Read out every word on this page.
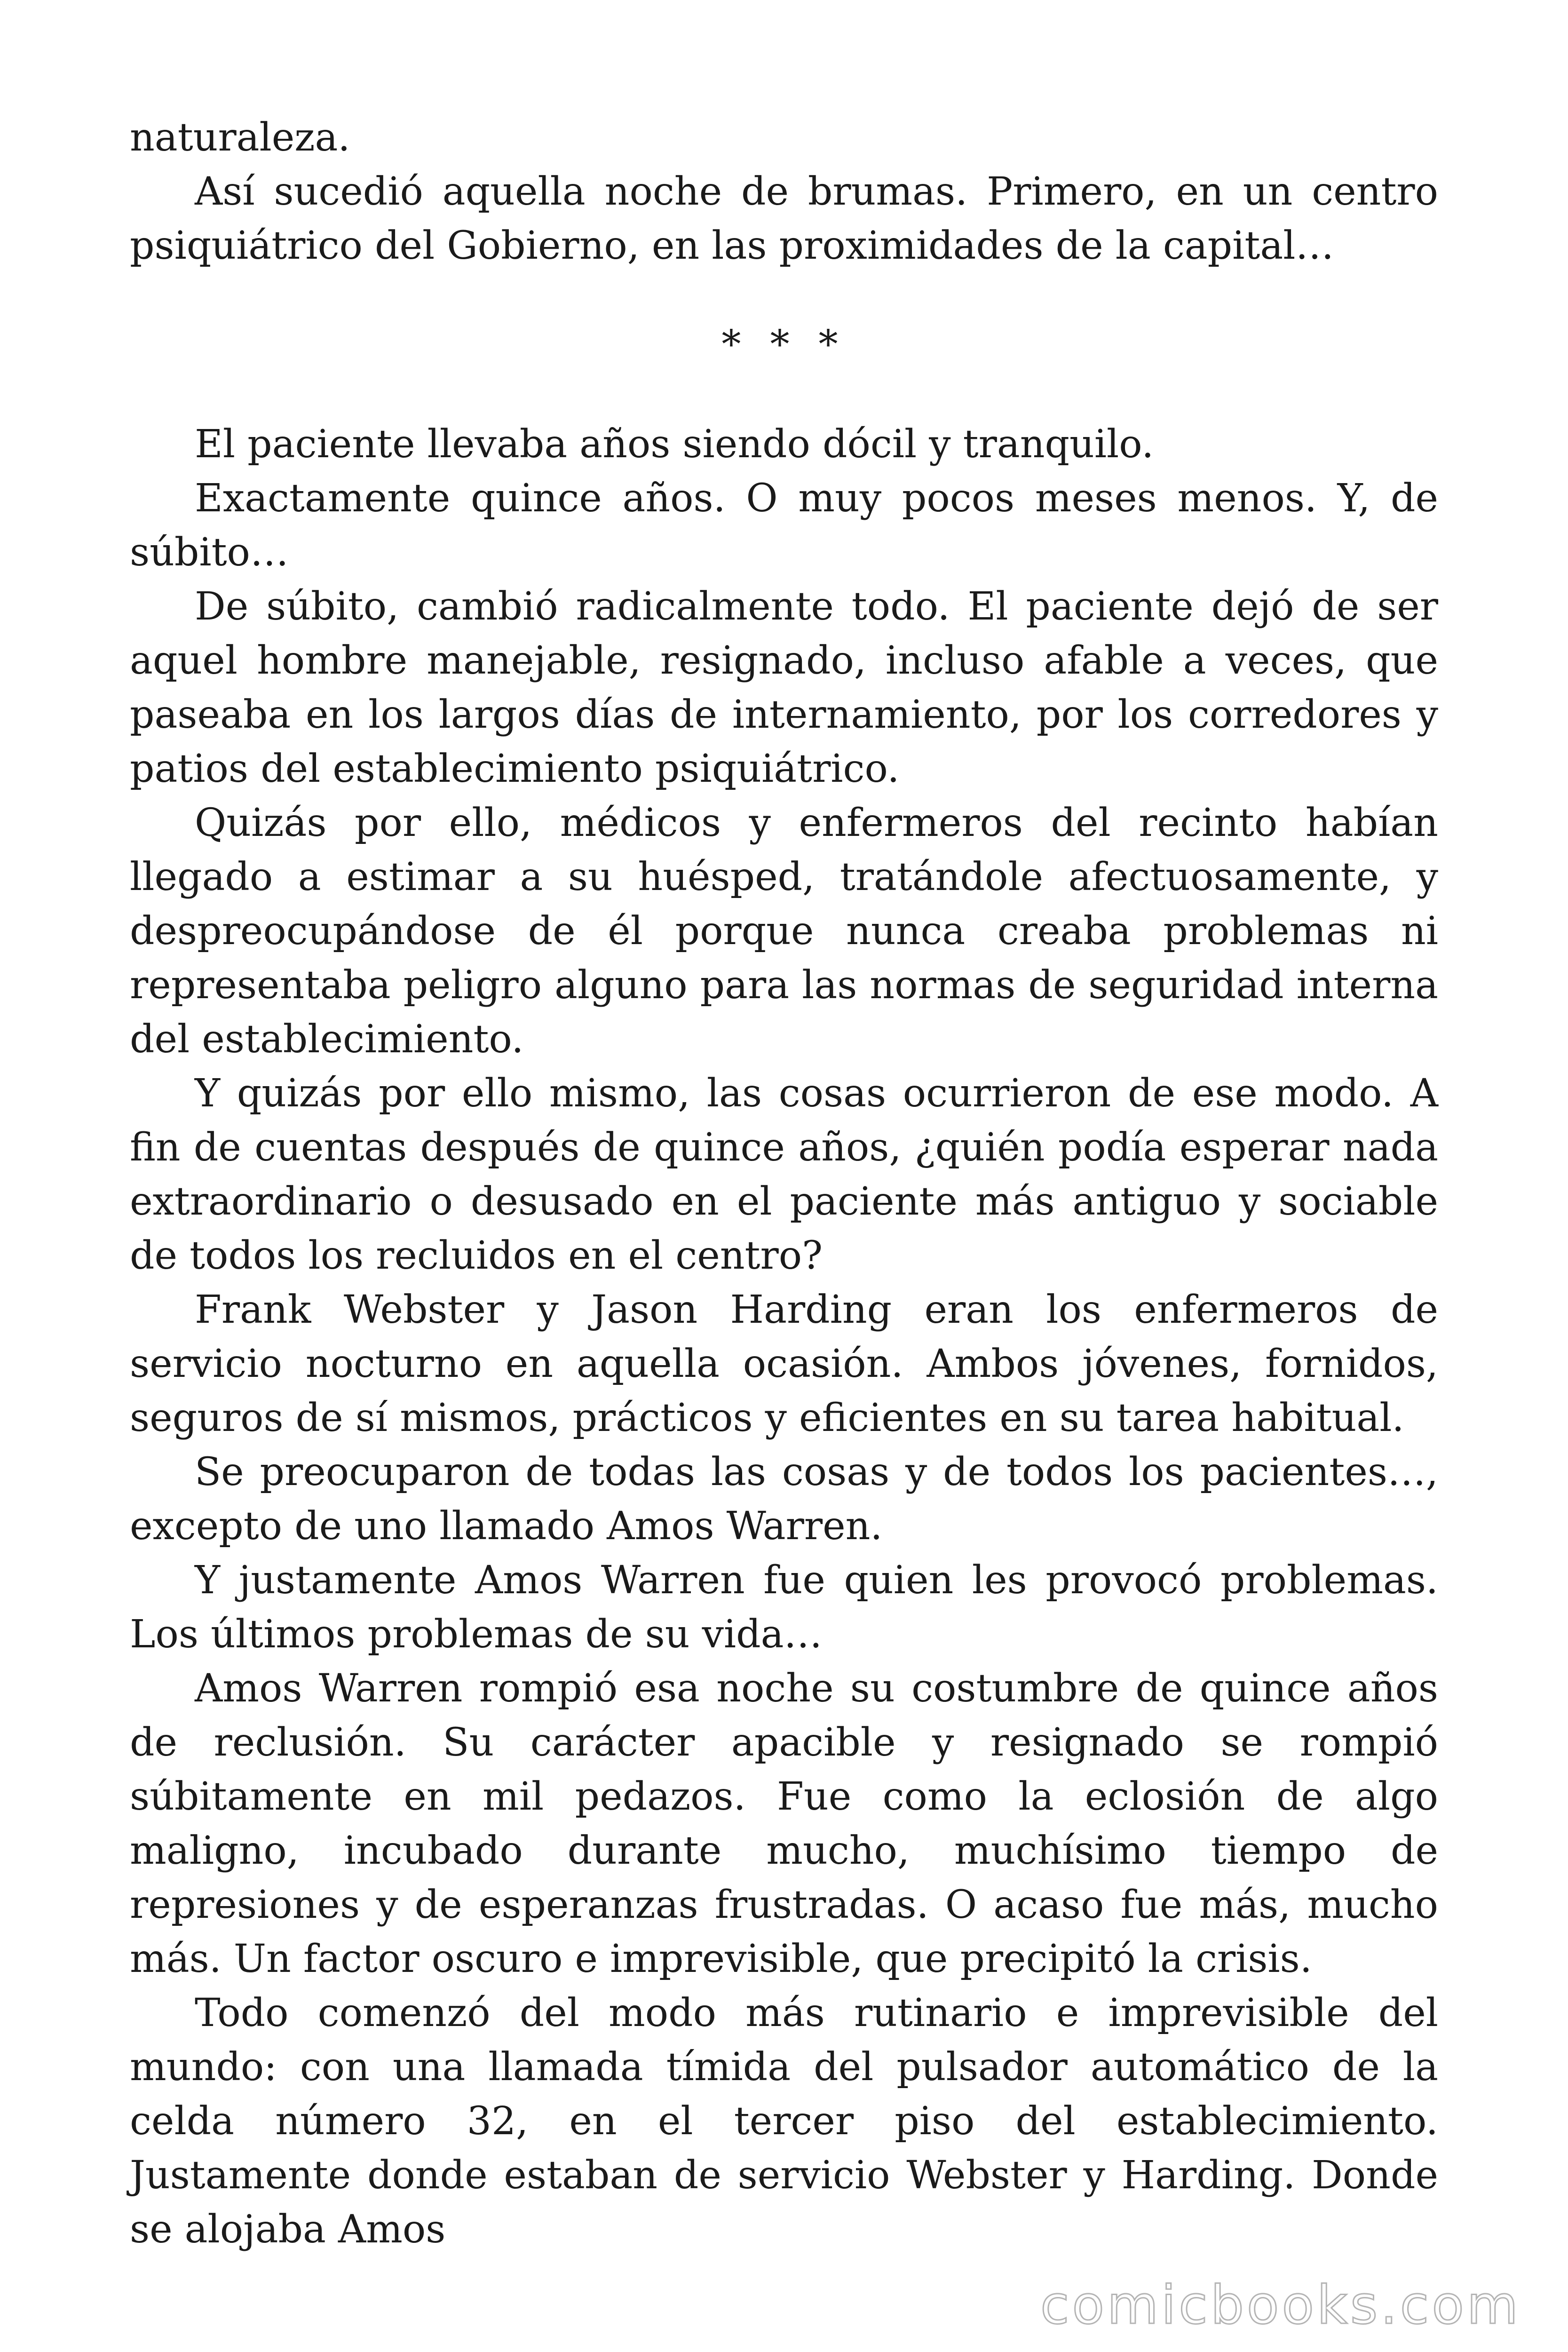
naturaleza.

Así sucedió aquella noche de brumas. Primero, en un centro psiquiátrico del Gobierno, en las proximidades de la capital…

* * *

El paciente llevaba años siendo dócil y tranquilo.

Exactamente quince años. O muy pocos meses menos. Y, de súbito…

De súbito, cambió radicalmente todo. El paciente dejó de ser aquel hombre manejable, resignado, incluso afable a veces, que paseaba en los largos días de internamiento, por los corredores y patios del establecimiento psiquiátrico.

Quizás por ello, médicos y enfermeros del recinto habían llegado a estimar a su huésped, tratándole afectuosamente, y despreocupándose de él porque nunca creaba problemas ni representaba peligro alguno para las normas de seguridad interna del establecimiento.

Y quizás por ello mismo, las cosas ocurrieron de ese modo. A fin de cuentas después de quince años, ¿quién podía esperar nada extraordinario o desusado en el paciente más antiguo y sociable de todos los recluidos en el centro?

Frank Webster y Jason Harding eran los enfermeros de servicio nocturno en aquella ocasión. Ambos jóvenes, fornidos, seguros de sí mismos, prácticos y eficientes en su tarea habitual.

Se preocuparon de todas las cosas y de todos los pacientes…, excepto de uno llamado Amos Warren.

Y justamente Amos Warren fue quien les provocó problemas. Los últimos problemas de su vida…

Amos Warren rompió esa noche su costumbre de quince años de reclusión. Su carácter apacible y resignado se rompió súbitamente en mil pedazos. Fue como la eclosión de algo maligno, incubado durante mucho, muchísimo tiempo de represiones y de esperanzas frustradas. O acaso fue más, mucho más. Un factor oscuro e imprevisible, que precipitó la crisis.

Todo comenzó del modo más rutinario e imprevisible del mundo: con una llamada tímida del pulsador automático de la celda número 32, en el tercer piso del establecimiento. Justamente donde estaban de servicio Webster y Harding. Donde se alojaba Amos

comicbooks.com
